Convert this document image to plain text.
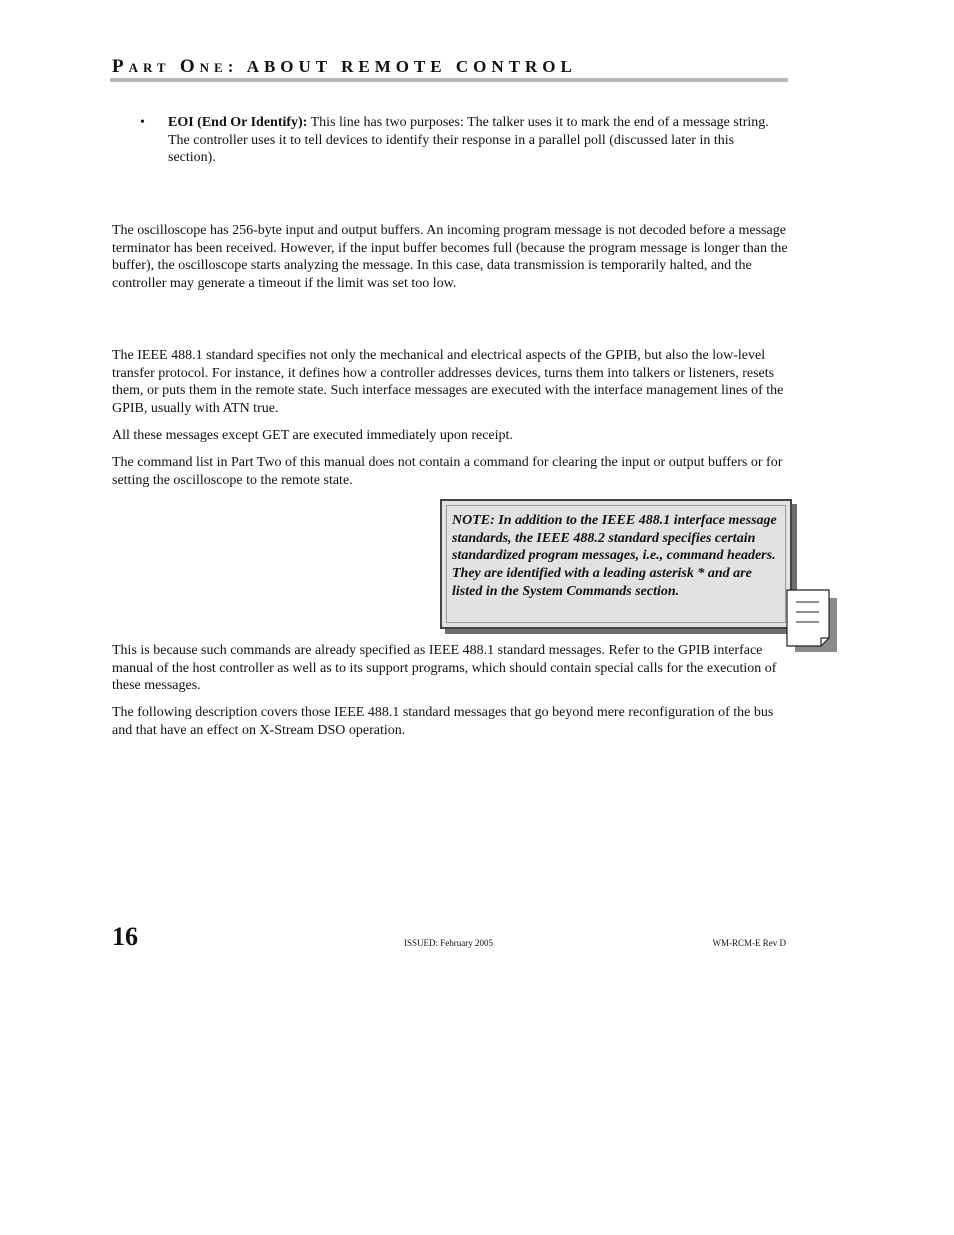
PART ONE: ABOUT REMOTE CONTROL
• EOI (End Or Identify): This line has two purposes: The talker uses it to mark the end of a message string. The controller uses it to tell devices to identify their response in a parallel poll (discussed later in this section).

The oscilloscope has 256-byte input and output buffers. An incoming program message is not decoded before a message terminator has been received. However, if the input buffer becomes full (because the program message is longer than the buffer), the oscilloscope starts analyzing the message. In this case, data transmission is temporarily halted, and the controller may generate a timeout if the limit was set too low.

The IEEE 488.1 standard specifies not only the mechanical and electrical aspects of the GPIB, but also the low-level transfer protocol. For instance, it defines how a controller addresses devices, turns them into talkers or listeners, resets them, or puts them in the remote state. Such interface messages are executed with the interface management lines of the GPIB, usually with ATN true.

All these messages except GET are executed immediately upon receipt.

The command list in Part Two of this manual does not contain a command for clearing the input or output buffers or for setting the oscilloscope to the remote state.

NOTE: In addition to the IEEE 488.1 interface message standards, the IEEE 488.2 standard specifies certain standardized program messages, i.e., command headers. They are identified with a leading asterisk * and are listed in the System Commands section.

This is because such commands are already specified as IEEE 488.1 standard messages. Refer to the GPIB interface manual of the host controller as well as to its support programs, which should contain special calls for the execution of these messages.

The following description covers those IEEE 488.1 standard messages that go beyond mere reconfiguration of the bus and that have an effect on X-Stream DSO operation.

16	ISSUED: February 2005	WM-RCM-E Rev D
